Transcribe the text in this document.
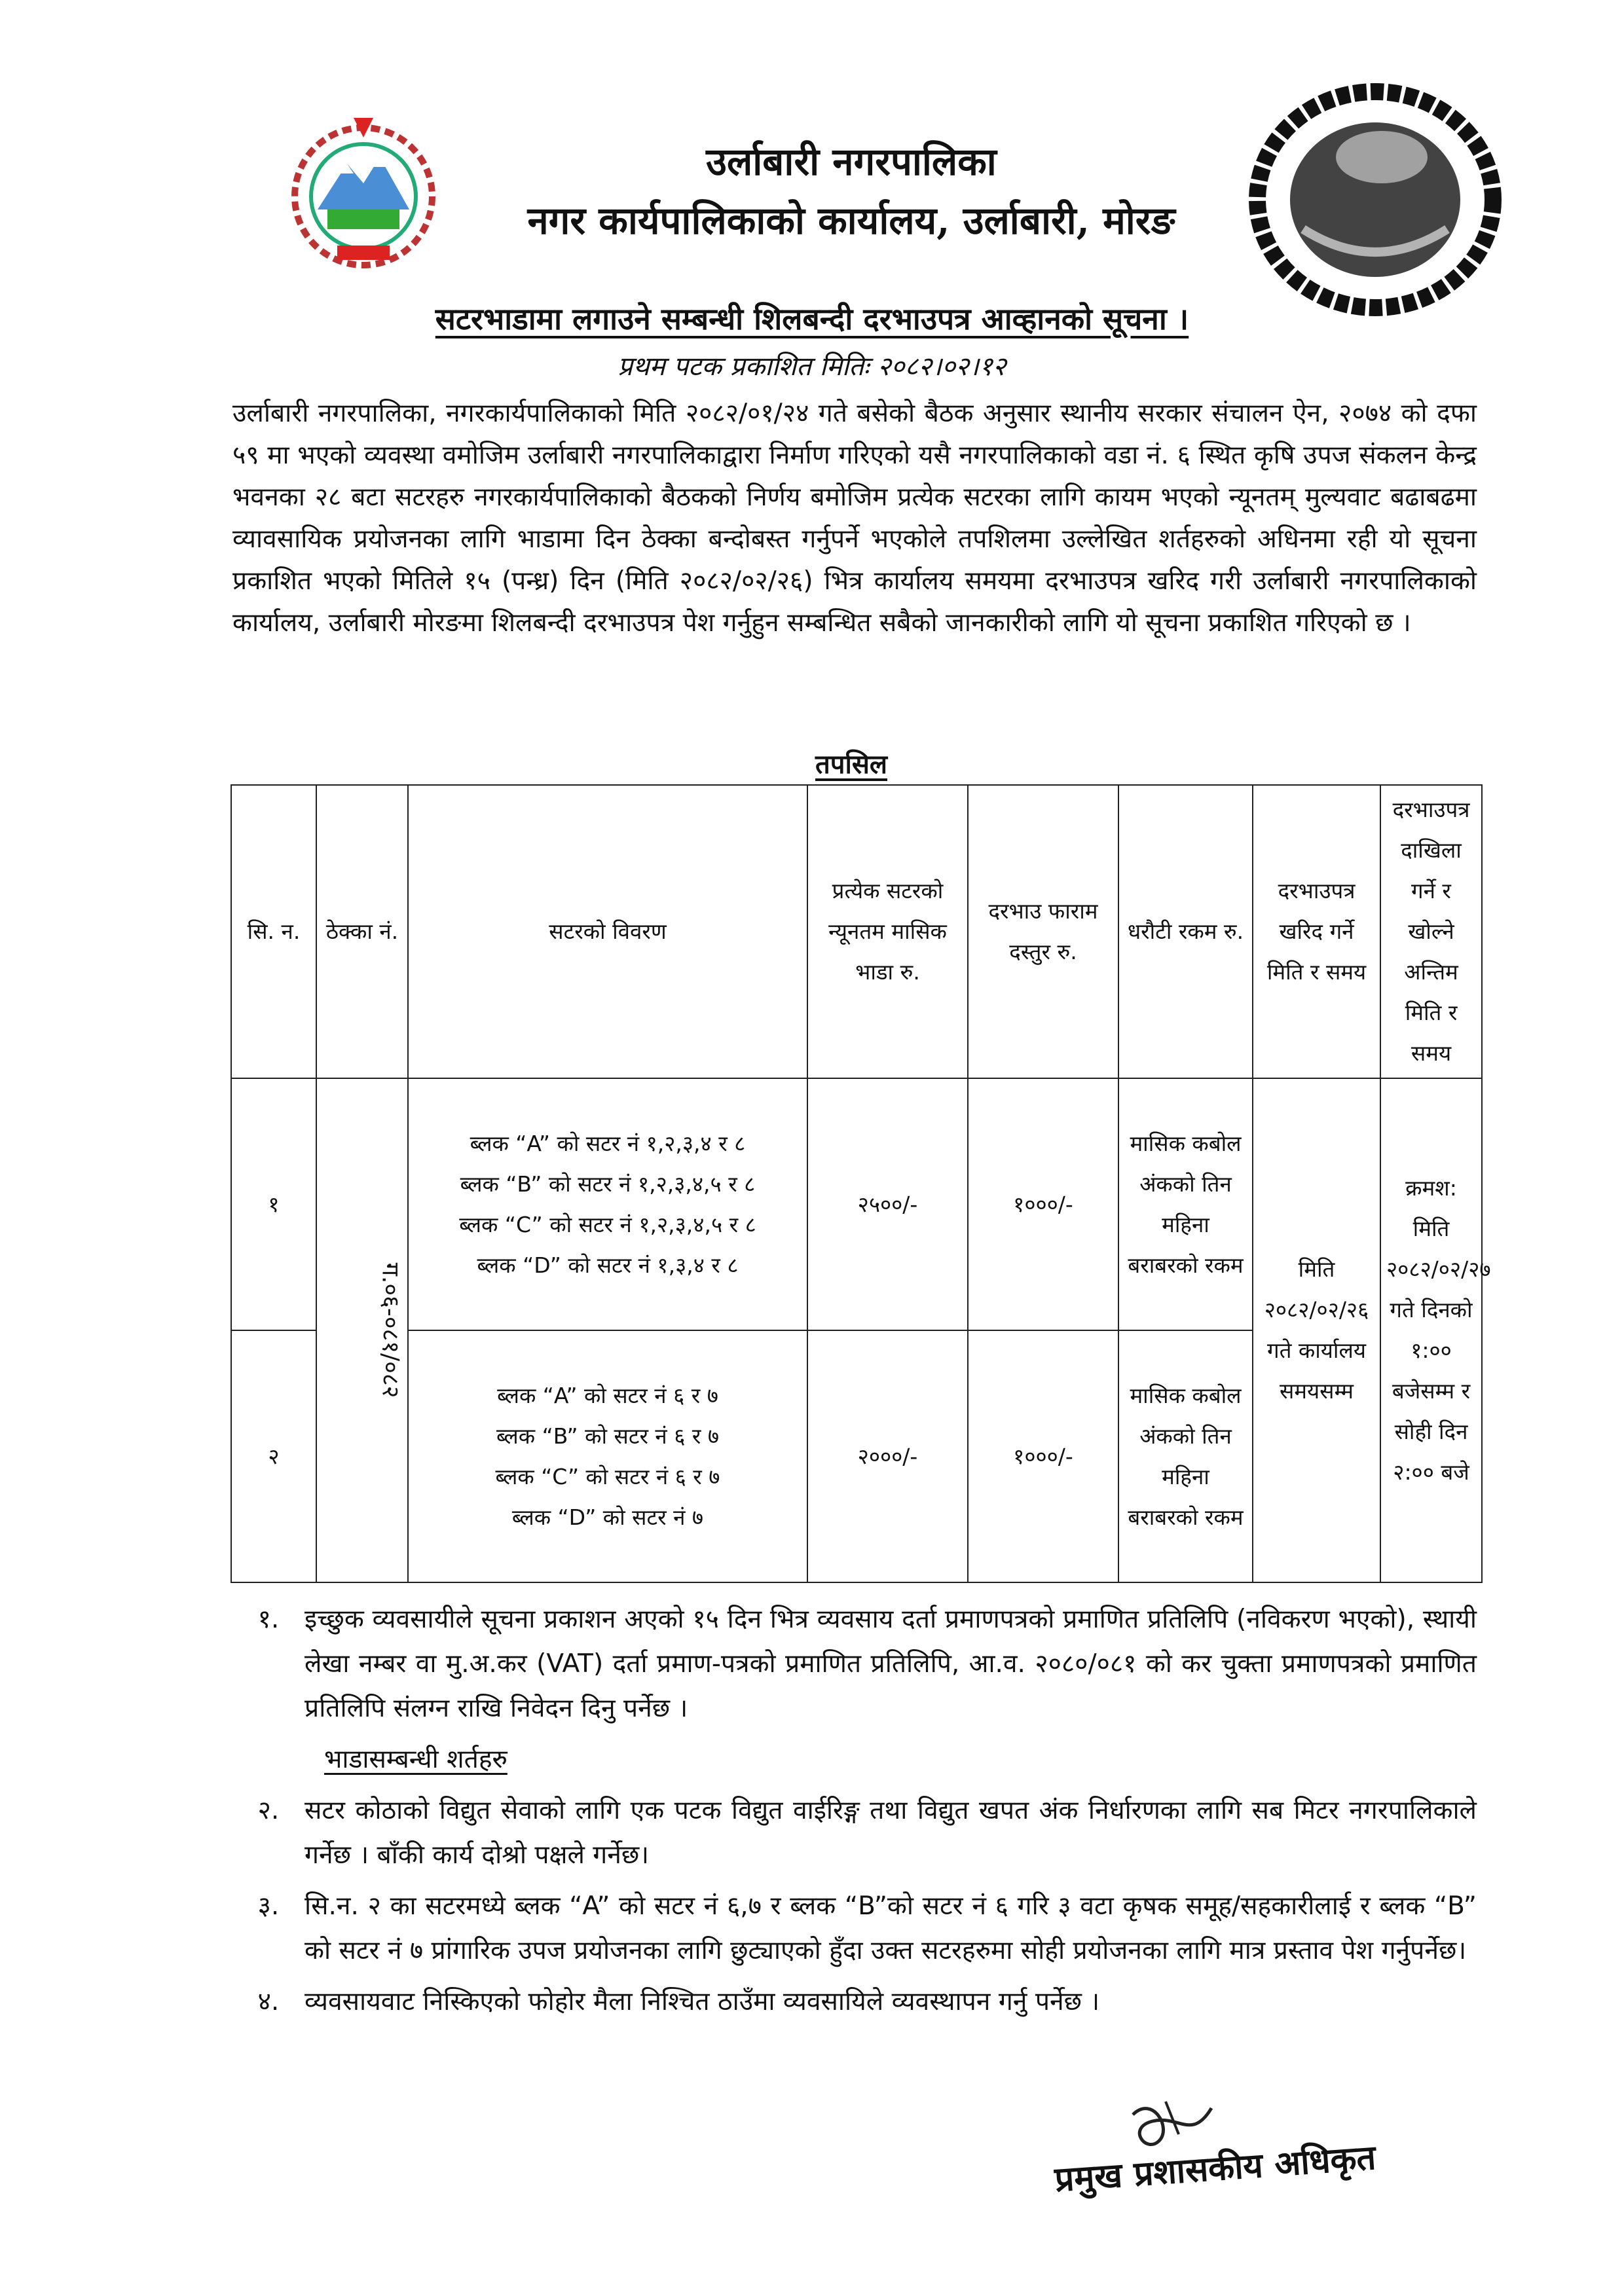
उर्लाबारी नगरपालिका
नगर कार्यपालिकाको कार्यालय, उर्लाबारी, मोरङ
सटरभाडामा लगाउने सम्बन्धी शिलबन्दी दरभाउपत्र आव्हानको सूचना ।
प्रथम पटक प्रकाशित मितिः २०८२।०२।१२
उर्लाबारी नगरपालिका, नगरकार्यपालिकाको मिति २०८२/०१/२४ गते बसेको बैठक अनुसार स्थानीय सरकार संचालन ऐन, २०७४ को दफा ५९ मा भएको व्यवस्था वमोजिम उर्लाबारी नगरपालिकाद्वारा निर्माण गरिएको यसै नगरपालिकाको वडा नं. ६ स्थित कृषि उपज संकलन केन्द्र भवनका २८ बटा सटरहरु नगरकार्यपालिकाको बैठकको निर्णय बमोजिम प्रत्येक सटरका लागि कायम भएको न्यूनतम् मुल्यवाट बढाबढमा व्यावसायिक प्रयोजनका लागि भाडामा दिन ठेक्का बन्दोबस्त गर्नुपर्ने भएकोले तपशिलमा उल्लेखित शर्तहरुको अधिनमा रही यो सूचना प्रकाशित भएको मितिले १५ (पन्ध्र) दिन (मिति २०८२/०२/२६) भित्र कार्यालय समयमा दरभाउपत्र खरिद गरी उर्लाबारी नगरपालिकाको कार्यालय, उर्लाबारी मोरङमा शिलबन्दी दरभाउपत्र पेश गर्नुहुन सम्बन्धित सबैको जानकारीको लागि यो सूचना प्रकाशित गरिएको छ ।
तपसिल
सि. न.	ठेक्का नं.	सटरको विवरण	प्रत्येक सटरको न्यूनतम मासिक भाडा रु.	दरभाउ फाराम दस्तुर रु.	धरौटी रकम रु.	दरभाउपत्र खरिद गर्ने मिति र समय	दरभाउपत्र दाखिला गर्ने र खोल्ने अन्तिम मिति र समय
१	ग.०६-०८१/०८२	ब्लक “A” को सटर नं १,२,३,४ र ८
ब्लक “B” को सटर नं १,२,३,४,५ र ८
ब्लक “C” को सटर नं १,२,३,४,५ र ८
ब्लक “D” को सटर नं १,३,४ र ८	२५००/-	१०००/-	मासिक कबोल अंकको तिन महिना बराबरको रकम	मिति २०८२/०२/२६ गते कार्यालय समयसम्म	क्रमश: मिति २०८२/०२/२७ गते दिनको १:०० बजेसम्म र सोही दिन २:०० बजे
२		ब्लक “A” को सटर नं ६ र ७
ब्लक “B” को सटर नं ६ र ७
ब्लक “C” को सटर नं ६ र ७
ब्लक “D” को सटर नं ७	२०००/-	१०००/-	मासिक कबोल अंकको तिन महिना बराबरको रकम		
१. इच्छुक व्यवसायीले सूचना प्रकाशन अएको १५ दिन भित्र व्यवसाय दर्ता प्रमाणपत्रको प्रमाणित प्रतिलिपि (नविकरण भएको), स्थायी लेखा नम्बर वा मु.अ.कर (VAT) दर्ता प्रमाण-पत्रको प्रमाणित प्रतिलिपि, आ.व. २०८०/०८१ को कर चुक्ता प्रमाणपत्रको प्रमाणित प्रतिलिपि संलग्न राखि निवेदन दिनु पर्नेछ ।
भाडासम्बन्धी शर्तहरु
२. सटर कोठाको विद्युत सेवाको लागि एक पटक विद्युत वाईरिङ्ग तथा विद्युत खपत अंक निर्धारणका लागि सब मिटर नगरपालिकाले गर्नेछ । बाँकी कार्य दोश्रो पक्षले गर्नेछ।
३. सि.न. २ का सटरमध्ये ब्लक “A” को सटर नं ६,७ र ब्लक “B”को सटर नं ६ गरि ३ वटा कृषक समूह/सहकारीलाई र ब्लक “B” को सटर नं ७ प्रांगारिक उपज प्रयोजनका लागि छुट्याएको हुँदा उक्त सटरहरुमा सोही प्रयोजनका लागि मात्र प्रस्ताव पेश गर्नुपर्नेछ।
४. व्यवसायवाट निस्किएको फोहोर मैला निश्चित ठाउँमा व्यवसायिले व्यवस्थापन गर्नु पर्नेछ ।
प्रमुख प्रशासकीय अधिकृत
